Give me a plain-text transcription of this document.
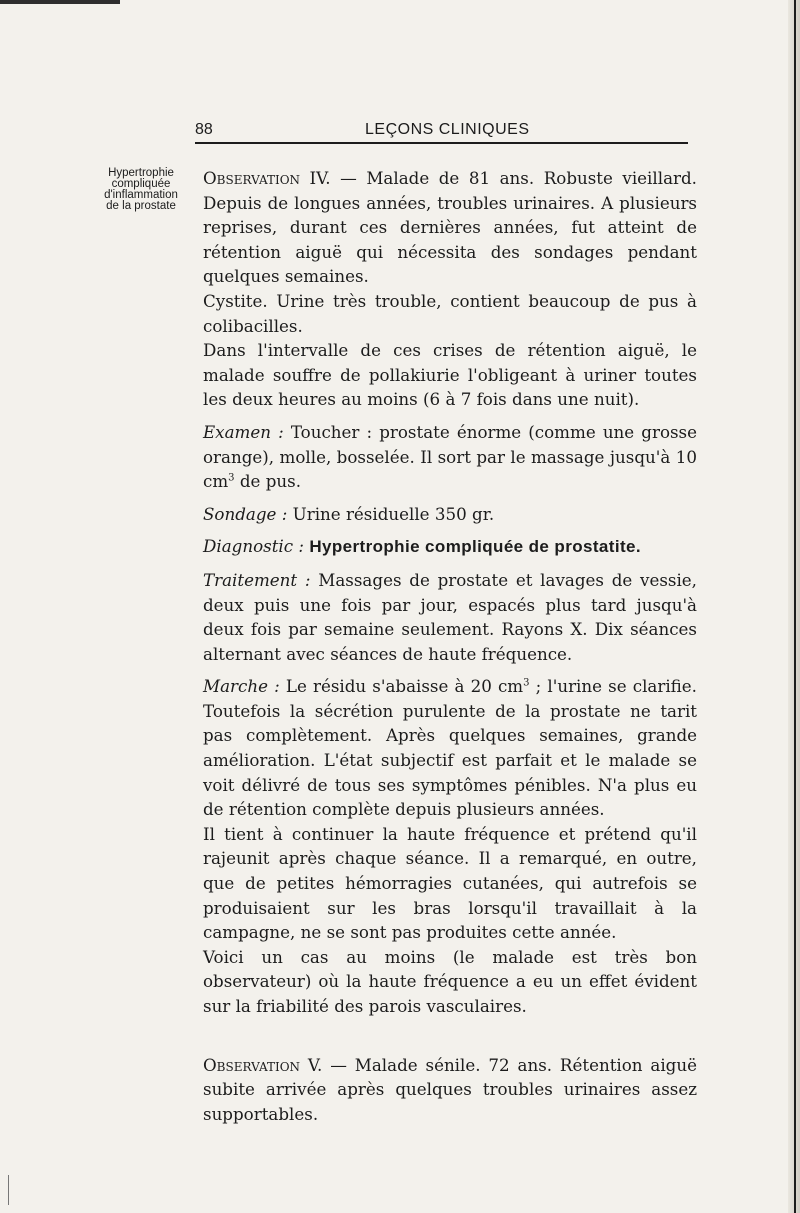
88	LEÇONS CLINIQUES
Hypertrophie
compliquée
d'inflammation
de la prostate

Observation IV. — Malade de 81 ans. Robuste vieillard. Depuis de longues années, troubles urinaires. A plusieurs reprises, durant ces dernières années, fut atteint de rétention aiguë qui nécessita des sondages pendant quelques semaines.

Cystite. Urine très trouble, contient beaucoup de pus à colibacilles.

Dans l'intervalle de ces crises de rétention aiguë, le malade souffre de pollakiurie l'obligeant à uriner toutes les deux heures au moins (6 à 7 fois dans une nuit).

Examen : Toucher : prostate énorme (comme une grosse orange), molle, bosselée. Il sort par le massage jusqu'à 10 $cm^3$ de pus.

Sondage : Urine résiduelle 350 gr.

Diagnostic : Hypertrophie compliquée de prostatite.

Traitement : Massages de prostate et lavages de vessie, deux puis une fois par jour, espacés plus tard jusqu'à deux fois par semaine seulement. Rayons X. Dix séances alternant avec séances de haute fréquence.

Marche : Le résidu s'abaisse à 20 $cm^3$ ; l'urine se clarifie. Toutefois la sécrétion purulente de la prostate ne tarit pas complètement. Après quelques semaines, grande amélioration. L'état subjectif est parfait et le malade se voit délivré de tous ses symptômes pénibles. N'a plus eu de rétention complète depuis plusieurs années.

Il tient à continuer la haute fréquence et prétend qu'il rajeunit après chaque séance. Il a remarqué, en outre, que de petites hémorragies cutanées, qui autrefois se produisaient sur les bras lorsqu'il travaillait à la campagne, ne se sont pas produites cette année.

Voici un cas au moins (le malade est très bon observateur) où la haute fréquence a eu un effet évident sur la friabilité des parois vasculaires.

Observation V. — Malade sénile. 72 ans. Rétention aiguë subite arrivée après quelques troubles urinaires assez supportables.
